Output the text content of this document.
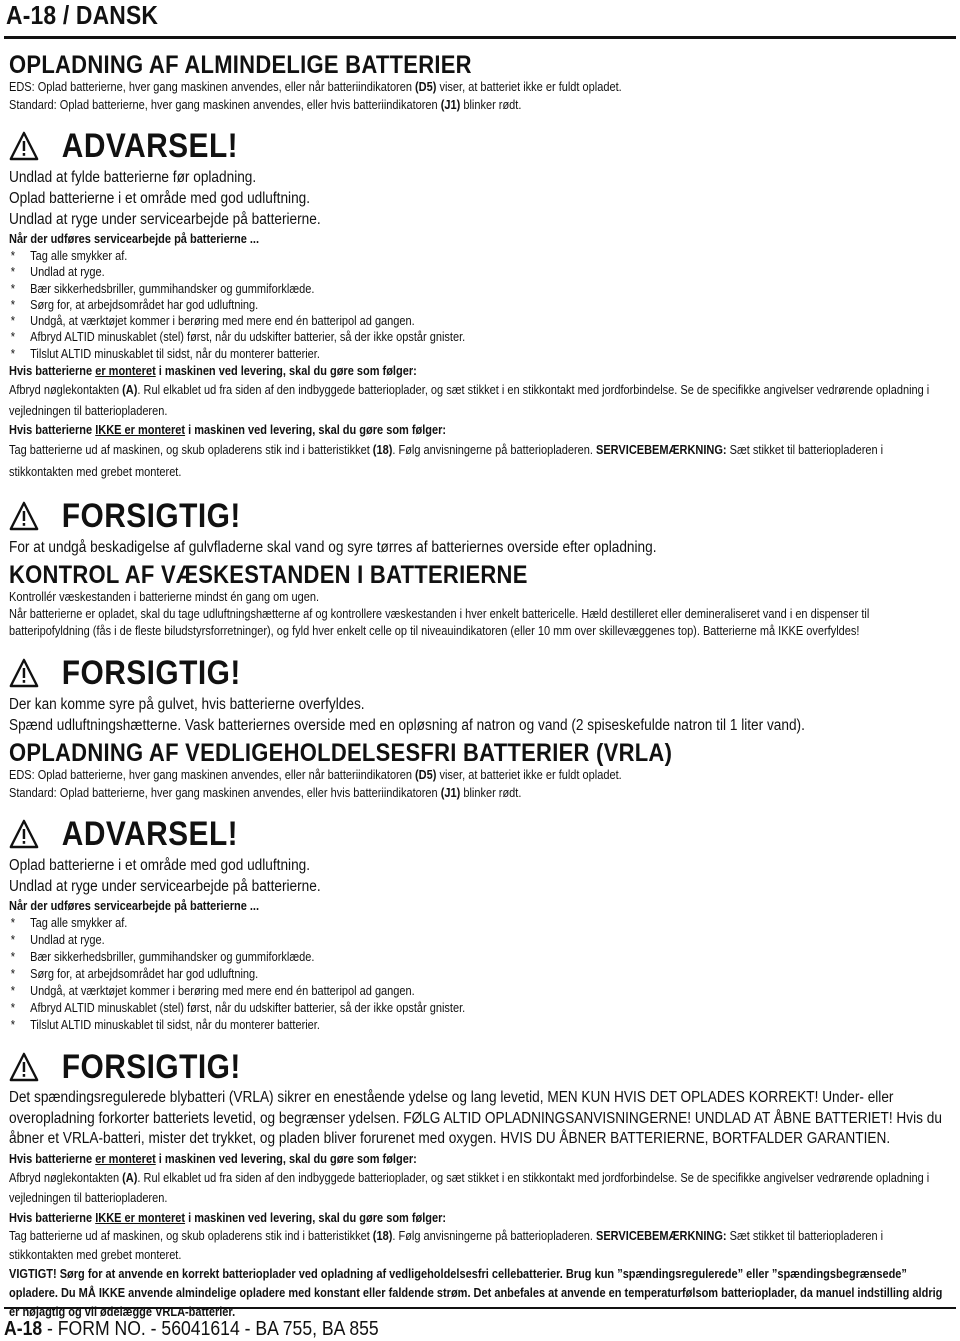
A-18 / DANSK
OPLADNING AF ALMINDELIGE BATTERIER

EDS: Oplad batterierne, hver gang maskinen anvendes, eller når batteriindikatoren (D5) viser, at batteriet ikke er fuldt opladet.

Standard: Oplad batterierne, hver gang maskinen anvendes, eller hvis batteriindikatoren (J1) blinker rødt.

ADVARSEL!

Undlad at fylde batterierne før opladning.

Oplad batterierne i et område med god udluftning.

Undlad at ryge under servicearbejde på batterierne.

Når der udføres servicearbejde på batterierne ...

*	Tag alle smykker af.
*	Undlad at ryge.
*	Bær sikkerhedsbriller, gummihandsker og gummiforklæde.
*	Sørg for, at arbejdsområdet har god udluftning.
*	Undgå, at værktøjet kommer i berøring med mere end én batteripol ad gangen.
*	Afbryd ALTID minuskablet (stel) først, når du udskifter batterier, så der ikke opstår gnister.
*	Tilslut ALTID minuskablet til sidst, når du monterer batterier.

Hvis batterierne er monteret i maskinen ved levering, skal du gøre som følger:

Afbryd nøglekontakten (A). Rul elkablet ud fra siden af den indbyggede batterioplader, og sæt stikket i en stikkontakt med jordforbindelse. Se de specifikke angivelser vedrørende opladning i vejledningen til batteriopladeren.

Hvis batterierne IKKE er monteret i maskinen ved levering, skal du gøre som følger:

Tag batterierne ud af maskinen, og skub opladerens stik ind i batteristikket (18). Følg anvisningerne på batteriopladeren. SERVICEBEMÆRKNING: Sæt stikket til batteriopladeren i stikkontakten med grebet monteret.

FORSIGTIG!

For at undgå beskadigelse af gulvfladerne skal vand og syre tørres af batteriernes overside efter opladning.

KONTROL AF VÆSKESTANDEN I BATTERIERNE

Kontrollér væskestanden i batterierne mindst én gang om ugen.

Når batterierne er opladet, skal du tage udluftningshætterne af og kontrollere væskestanden i hver enkelt battericelle. Hæld destilleret eller demineraliseret vand i en dispenser til batteripofyldning (fås i de fleste biludstyrsforretninger), og fyld hver enkelt celle op til niveauindikatoren (eller 10 mm over skillevæggenes top). Batterierne må IKKE overfyldes!

FORSIGTIG!

Der kan komme syre på gulvet, hvis batterierne overfyldes.

Spænd udluftningshætterne. Vask batteriernes overside med en opløsning af natron og vand (2 spiseskefulde natron til 1 liter vand).

OPLADNING AF VEDLIGEHOLDELSESFRI BATTERIER (VRLA)

EDS: Oplad batterierne, hver gang maskinen anvendes, eller når batteriindikatoren (D5) viser, at batteriet ikke er fuldt opladet.

Standard: Oplad batterierne, hver gang maskinen anvendes, eller hvis batteriindikatoren (J1) blinker rødt.

ADVARSEL!

Oplad batterierne i et område med god udluftning.

Undlad at ryge under servicearbejde på batterierne.

Når der udføres servicearbejde på batterierne ...

*	Tag alle smykker af.
*	Undlad at ryge.
*	Bær sikkerhedsbriller, gummihandsker og gummiforklæde.
*	Sørg for, at arbejdsområdet har god udluftning.
*	Undgå, at værktøjet kommer i berøring med mere end én batteripol ad gangen.
*	Afbryd ALTID minuskablet (stel) først, når du udskifter batterier, så der ikke opstår gnister.
*	Tilslut ALTID minuskablet til sidst, når du monterer batterier.
FORSIGTIG!

Det spændingsregulerede blybatteri (VRLA) sikrer en enestående ydelse og lang levetid, MEN KUN HVIS DET OPLADES KORREKT! Under- eller overopladning forkorter batteriets levetid, og begrænser ydelsen. FØLG ALTID OPLADNINGSANVISNINGERNE! UNDLAD AT ÅBNE BATTERIET! Hvis du åbner et VRLA-batteri, mister det trykket, og pladen bliver forurenet med oxygen. HVIS DU ÅBNER BATTERIERNE, BORTFALDER GARANTIEN.

Hvis batterierne er monteret i maskinen ved levering, skal du gøre som følger:

Afbryd nøglekontakten (A). Rul elkablet ud fra siden af den indbyggede batterioplader, og sæt stikket i en stikkontakt med jordforbindelse. Se de specifikke angivelser vedrørende opladning i vejledningen til batteriopladeren.

Hvis batterierne IKKE er monteret i maskinen ved levering, skal du gøre som følger:

Tag batterierne ud af maskinen, og skub opladerens stik ind i batteristikket (18). Følg anvisningerne på batteriopladeren. SERVICEBEMÆRKNING: Sæt stikket til batteriopladeren i stikkontakten med grebet monteret.

VIGTIGT! Sørg for at anvende en korrekt batterioplader ved opladning af vedligeholdelsesfri cellebatterier. Brug kun ”spændingsregulerede” eller ”spændingsbegrænsede” opladere. Du MÅ IKKE anvende almindelige opladere med konstant eller faldende strøm. Det anbefales at anvende en temperaturfølsom batterioplader, da manuel indstilling aldrig er nøjagtig og vil ødelægge VRLA-batterier.

A-18 - FORM NO. - 56041614 - BA 755, BA 855
